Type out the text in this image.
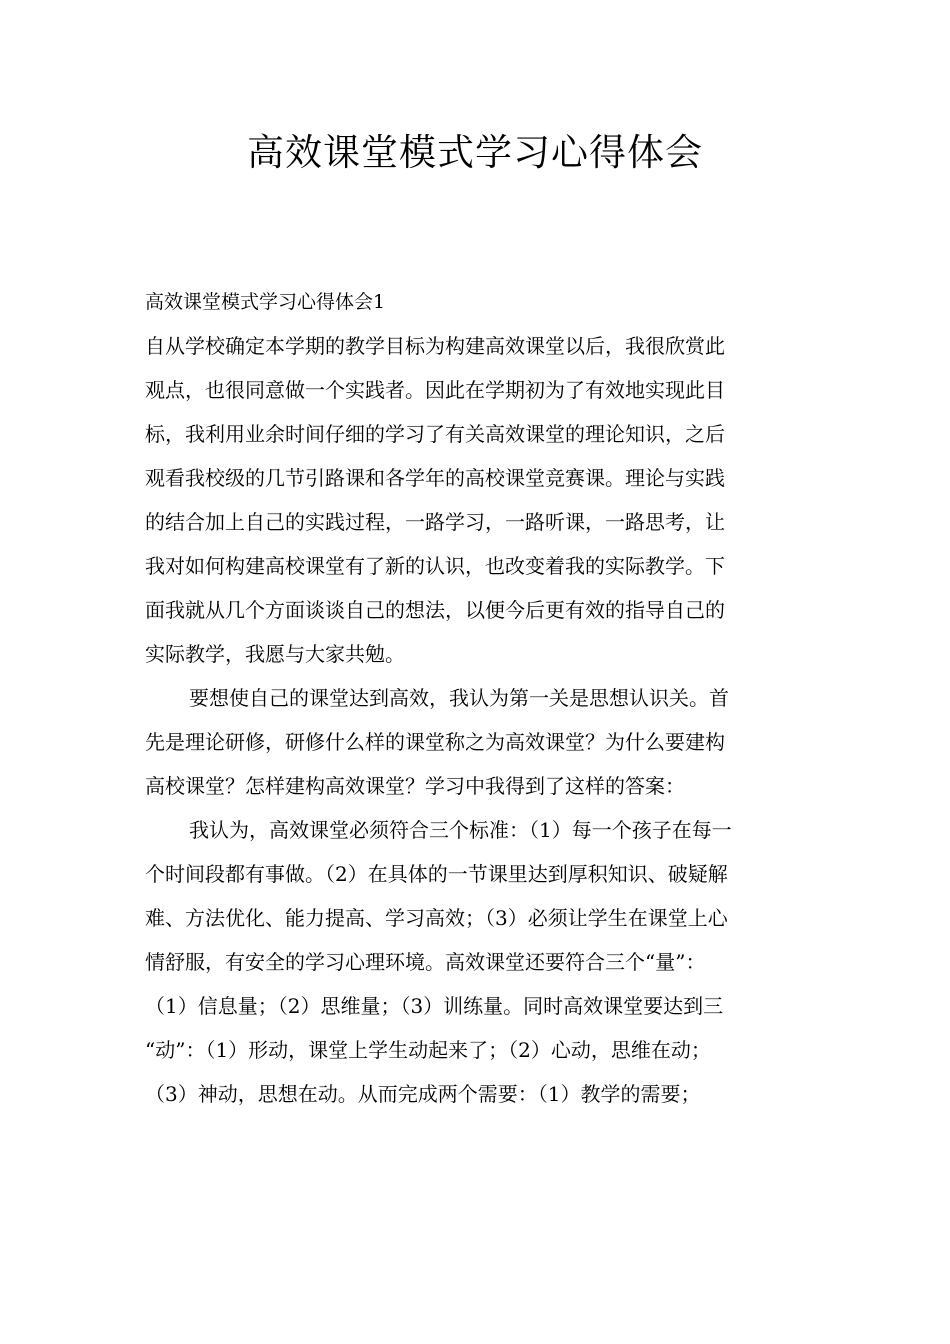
高效课堂模式学习心得体会
高效课堂模式学习心得体会1
自从学校确定本学期的教学目标为构建高效课堂以后，我很欣赏此
观点，也很同意做一个实践者。因此在学期初为了有效地实现此目
标，我利用业余时间仔细的学习了有关高效课堂的理论知识，之后
观看我校级的几节引路课和各学年的高校课堂竞赛课。理论与实践
的结合加上自己的实践过程，一路学习，一路听课，一路思考，让
我对如何构建高校课堂有了新的认识，也改变着我的实际教学。下
面我就从几个方面谈谈自己的想法，以便今后更有效的指导自己的
实际教学，我愿与大家共勉。
要想使自己的课堂达到高效，我认为第一关是思想认识关。首
先是理论研修，研修什么样的课堂称之为高效课堂？为什么要建构
高校课堂？怎样建构高效课堂？学习中我得到了这样的答案：
我认为，高效课堂必须符合三个标准：（1）每一个孩子在每一
个时间段都有事做。（2）在具体的一节课里达到厚积知识、破疑解
难、方法优化、能力提高、学习高效；（3）必须让学生在课堂上心
情舒服，有安全的学习心理环境。高效课堂还要符合三个“量”：
（1）信息量；（2）思维量；（3）训练量。同时高效课堂要达到三
“动”：（1）形动，课堂上学生动起来了；（2）心动，思维在动；
（3）神动，思想在动。从而完成两个需要：（1）教学的需要；
